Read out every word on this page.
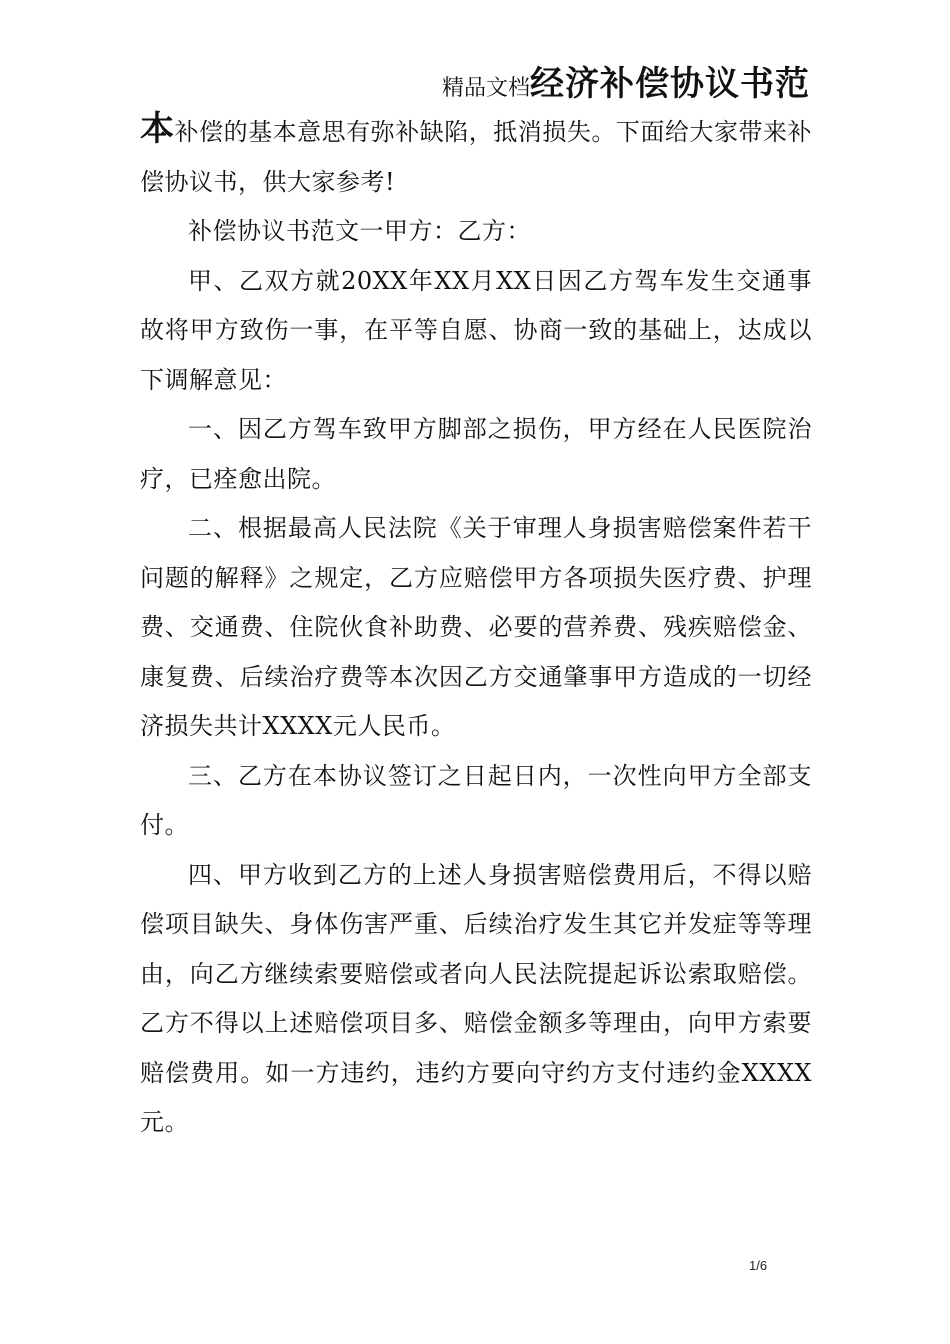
精品文档经济补偿协议书范

本补偿的基本意思有弥补缺陷，抵消损失。下面给大家带来补偿协议书，供大家参考!

补偿协议书范文一甲方：乙方：

甲、乙双方就20XX年XX月XX日因乙方驾车发生交通事故将甲方致伤一事，在平等自愿、协商一致的基础上，达成以下调解意见：

一、因乙方驾车致甲方脚部之损伤，甲方经在人民医院治疗，已痊愈出院。

二、根据最高人民法院《关于审理人身损害赔偿案件若干问题的解释》之规定，乙方应赔偿甲方各项损失医疗费、护理费、交通费、住院伙食补助费、必要的营养费、残疾赔偿金、康复费、后续治疗费等本次因乙方交通肇事甲方造成的一切经济损失共计XXXX元人民币。

三、乙方在本协议签订之日起日内，一次性向甲方全部支付。

四、甲方收到乙方的上述人身损害赔偿费用后，不得以赔偿项目缺失、身体伤害严重、后续治疗发生其它并发症等等理由，向乙方继续索要赔偿或者向人民法院提起诉讼索取赔偿。乙方不得以上述赔偿项目多、赔偿金额多等理由，向甲方索要赔偿费用。如一方违约，违约方要向守约方支付违约金XXXX元。

1/6
